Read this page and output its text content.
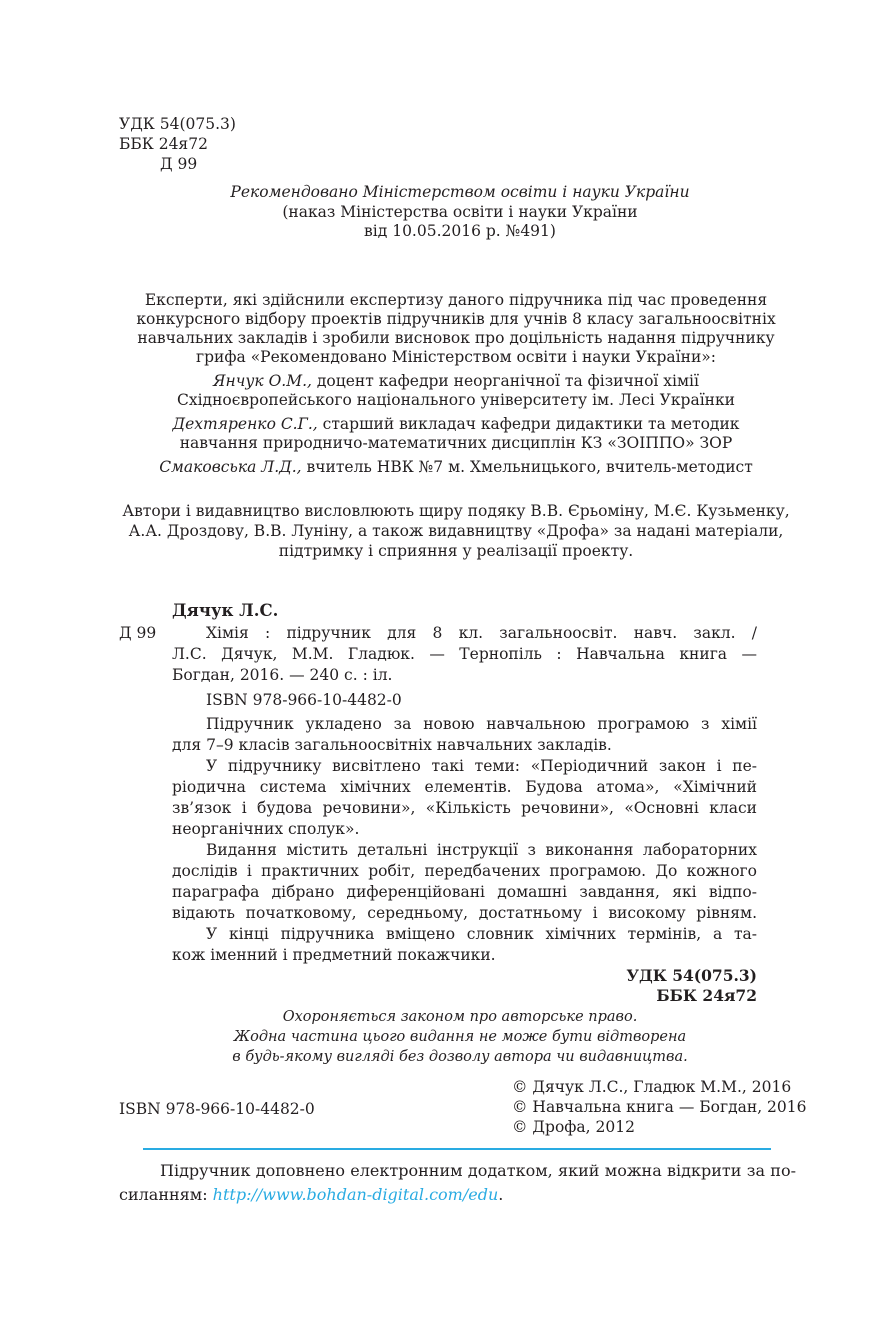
УДК 54(075.3)
ББК 24я72
Д 99
Рекомендовано Міністерством освіти і науки України
(наказ Міністерства освіти і науки України
від 10.05.2016 р. №491)
Експерти, які здійснили експертизу даного підручника під час проведення
конкурсного відбору проектів підручників для учнів 8 класу загальноосвітніх
навчальних закладів і зробили висновок про доцільність надання підручнику
грифа «Рекомендовано Міністерством освіти і науки України»:
Янчук О.М., доцент кафедри неорганічної та фізичної хімії
Східноєвропейського національного університету ім. Лесі Українки
Дехтяренко С.Г., старший викладач кафедри дидактики та методик
навчання природничо-математичних дисциплін КЗ «ЗОІППО» ЗОР
Смаковська Л.Д., вчитель НВК №7 м. Хмельницького, вчитель-методист
Автори і видавництво висловлюють щиру подяку В.В. Єрьоміну, М.Є. Кузьменку,
А.А. Дроздову, В.В. Луніну, а також видавництву «Дрофа» за надані матеріали,
підтримку і сприяння у реалізації проекту.
Дячук Л.С.
Д 99	Хімія : підручник для 8 кл. загальноосвіт. навч. закл. /
Л.С. Дячук, М.М. Гладюк. — Тернопіль : Навчальна книга —
Богдан, 2016. — 240 с. : іл.
ISBN 978-966-10-4482-0
Підручник укладено за новою навчальною програмою з хімії
для 7–9 класів загальноосвітніх навчальних закладів.
У підручнику висвітлено такі теми: «Періодичний закон і пе-
ріодична система хімічних елементів. Будова атома», «Хімічний
зв’язок і будова речовини», «Кількість речовини», «Основні класи
неорганічних сполук».
Видання містить детальні інструкції з виконання лабораторних
дослідів і практичних робіт, передбачених програмою. До кожного
параграфа дібрано диференційовані домашні завдання, які відпо-
відають початковому, середньому, достатньому і високому рівням.
У кінці підручника вміщено словник хімічних термінів, а та-
кож іменний і предметний покажчики.
УДК 54(075.3)
ББК 24я72
Охороняється законом про авторське право.
Жодна частина цього видання не може бути відтворена
в будь-якому вигляді без дозволу автора чи видавництва.
ISBN 978-966-10-4482-0
© Дячук Л.С., Гладюк М.М., 2016
© Навчальна книга — Богдан, 2016
© Дрофа, 2012
Підручник доповнено електронним додатком, який можна відкрити за по-
силанням: http://www.bohdan-digital.com/edu.
